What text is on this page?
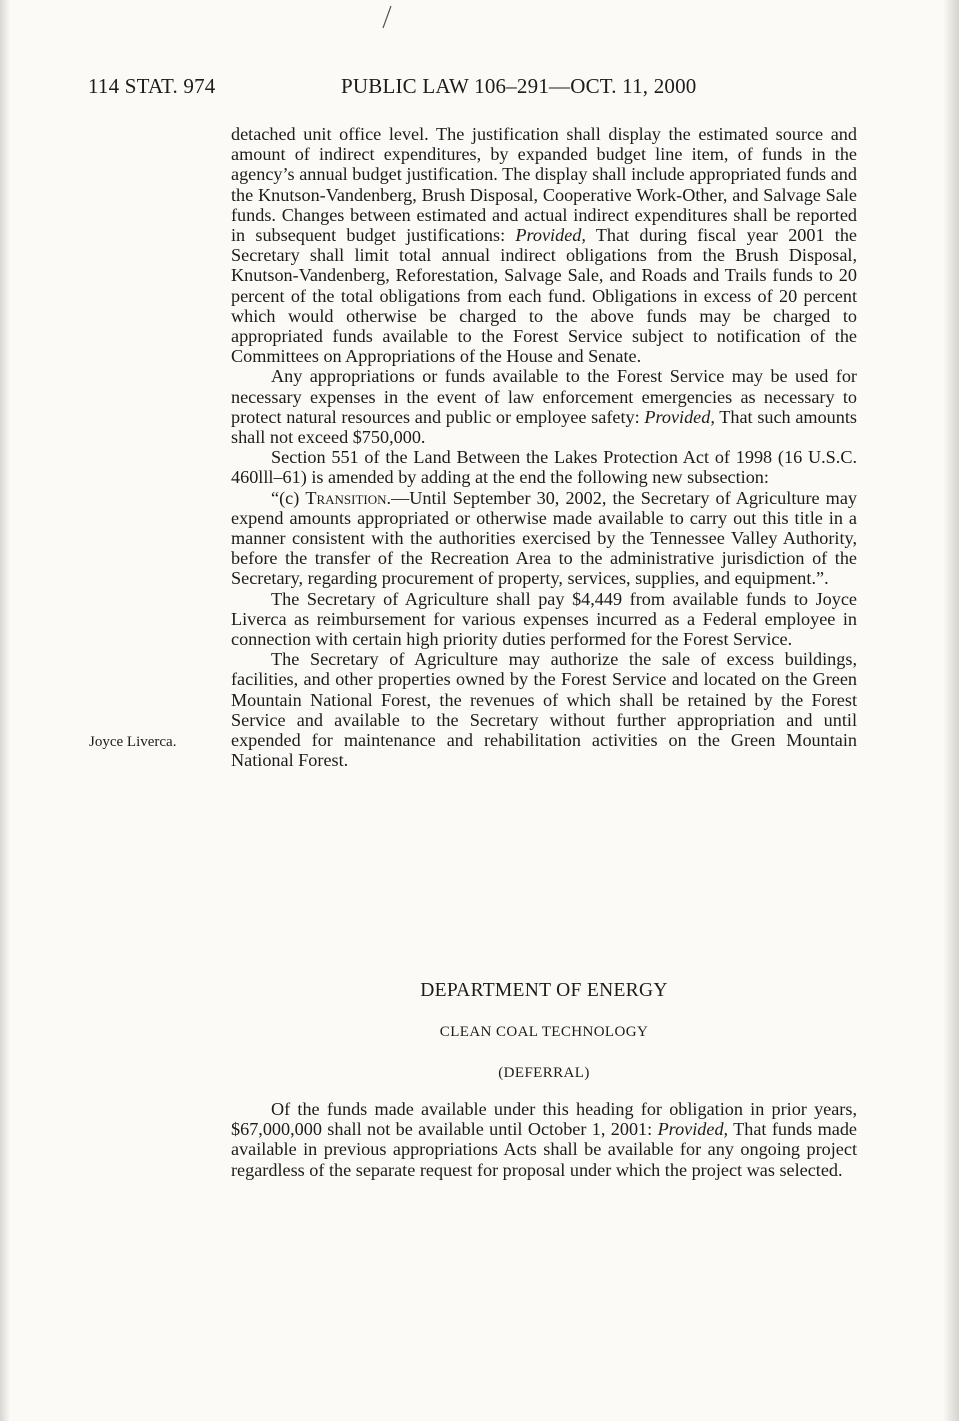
114 STAT. 974	PUBLIC LAW 106–291—OCT. 11, 2000
Joyce Liverca.

detached unit office level. The justification shall display the estimated source and amount of indirect expenditures, by expanded budget line item, of funds in the agency’s annual budget justification. The display shall include appropriated funds and the Knutson-Vandenberg, Brush Disposal, Cooperative Work-Other, and Salvage Sale funds. Changes between estimated and actual indirect expenditures shall be reported in subsequent budget justifications: Provided, That during fiscal year 2001 the Secretary shall limit total annual indirect obligations from the Brush Disposal, Knutson-Vandenberg, Reforestation, Salvage Sale, and Roads and Trails funds to 20 percent of the total obligations from each fund. Obligations in excess of 20 percent which would otherwise be charged to the above funds may be charged to appropriated funds available to the Forest Service subject to notification of the Committees on Appropriations of the House and Senate.

Any appropriations or funds available to the Forest Service may be used for necessary expenses in the event of law enforcement emergencies as necessary to protect natural resources and public or employee safety: Provided, That such amounts shall not exceed $750,000.

Section 551 of the Land Between the Lakes Protection Act of 1998 (16 U.S.C. 460lll–61) is amended by adding at the end the following new subsection:

“(c) Transition.—Until September 30, 2002, the Secretary of Agriculture may expend amounts appropriated or otherwise made available to carry out this title in a manner consistent with the authorities exercised by the Tennessee Valley Authority, before the transfer of the Recreation Area to the administrative jurisdiction of the Secretary, regarding procurement of property, services, supplies, and equipment.”.

The Secretary of Agriculture shall pay $4,449 from available funds to Joyce Liverca as reimbursement for various expenses incurred as a Federal employee in connection with certain high priority duties performed for the Forest Service.

The Secretary of Agriculture may authorize the sale of excess buildings, facilities, and other properties owned by the Forest Service and located on the Green Mountain National Forest, the revenues of which shall be retained by the Forest Service and available to the Secretary without further appropriation and until expended for maintenance and rehabilitation activities on the Green Mountain National Forest.

DEPARTMENT OF ENERGY
CLEAN COAL TECHNOLOGY
(DEFERRAL)

Of the funds made available under this heading for obligation in prior years, $67,000,000 shall not be available until October 1, 2001: Provided, That funds made available in previous appropriations Acts shall be available for any ongoing project regardless of the separate request for proposal under which the project was selected.
